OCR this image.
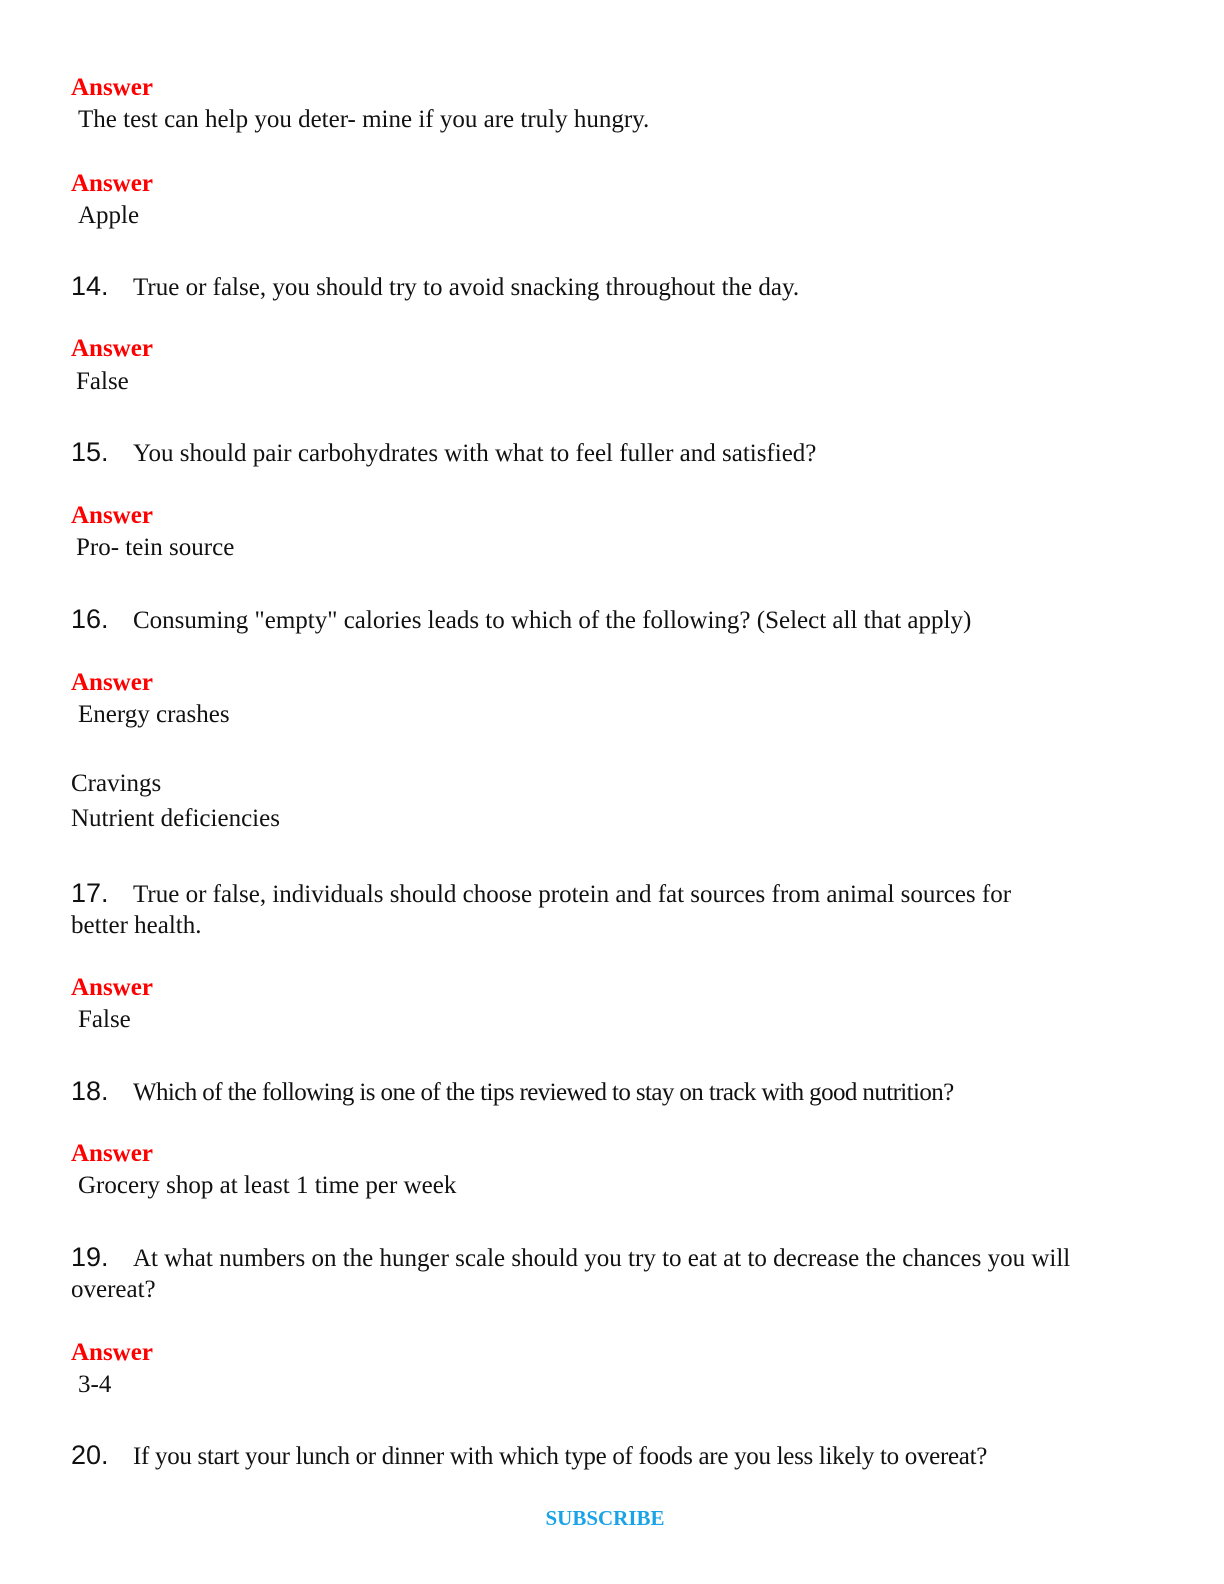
Answer
The test can help you deter- mine if you are truly hungry.
Answer
Apple
14. True or false, you should try to avoid snacking throughout the day.
Answer
False
15. You should pair carbohydrates with what to feel fuller and satisfied?
Answer
Pro- tein source
16. Consuming "empty" calories leads to which of the following? (Select all that apply)
Answer
Energy crashes
Cravings
Nutrient deficiencies
17. True or false, individuals should choose protein and fat sources from animal sources for better health.
Answer
False
18. Which of the following is one of the tips reviewed to stay on track with good nutrition?
Answer
Grocery shop at least 1 time per week
19. At what numbers on the hunger scale should you try to eat at to decrease the chances you will overeat?
Answer
3-4
20. If you start your lunch or dinner with which type of foods are you less likely to overeat?
SUBSCRIBE
